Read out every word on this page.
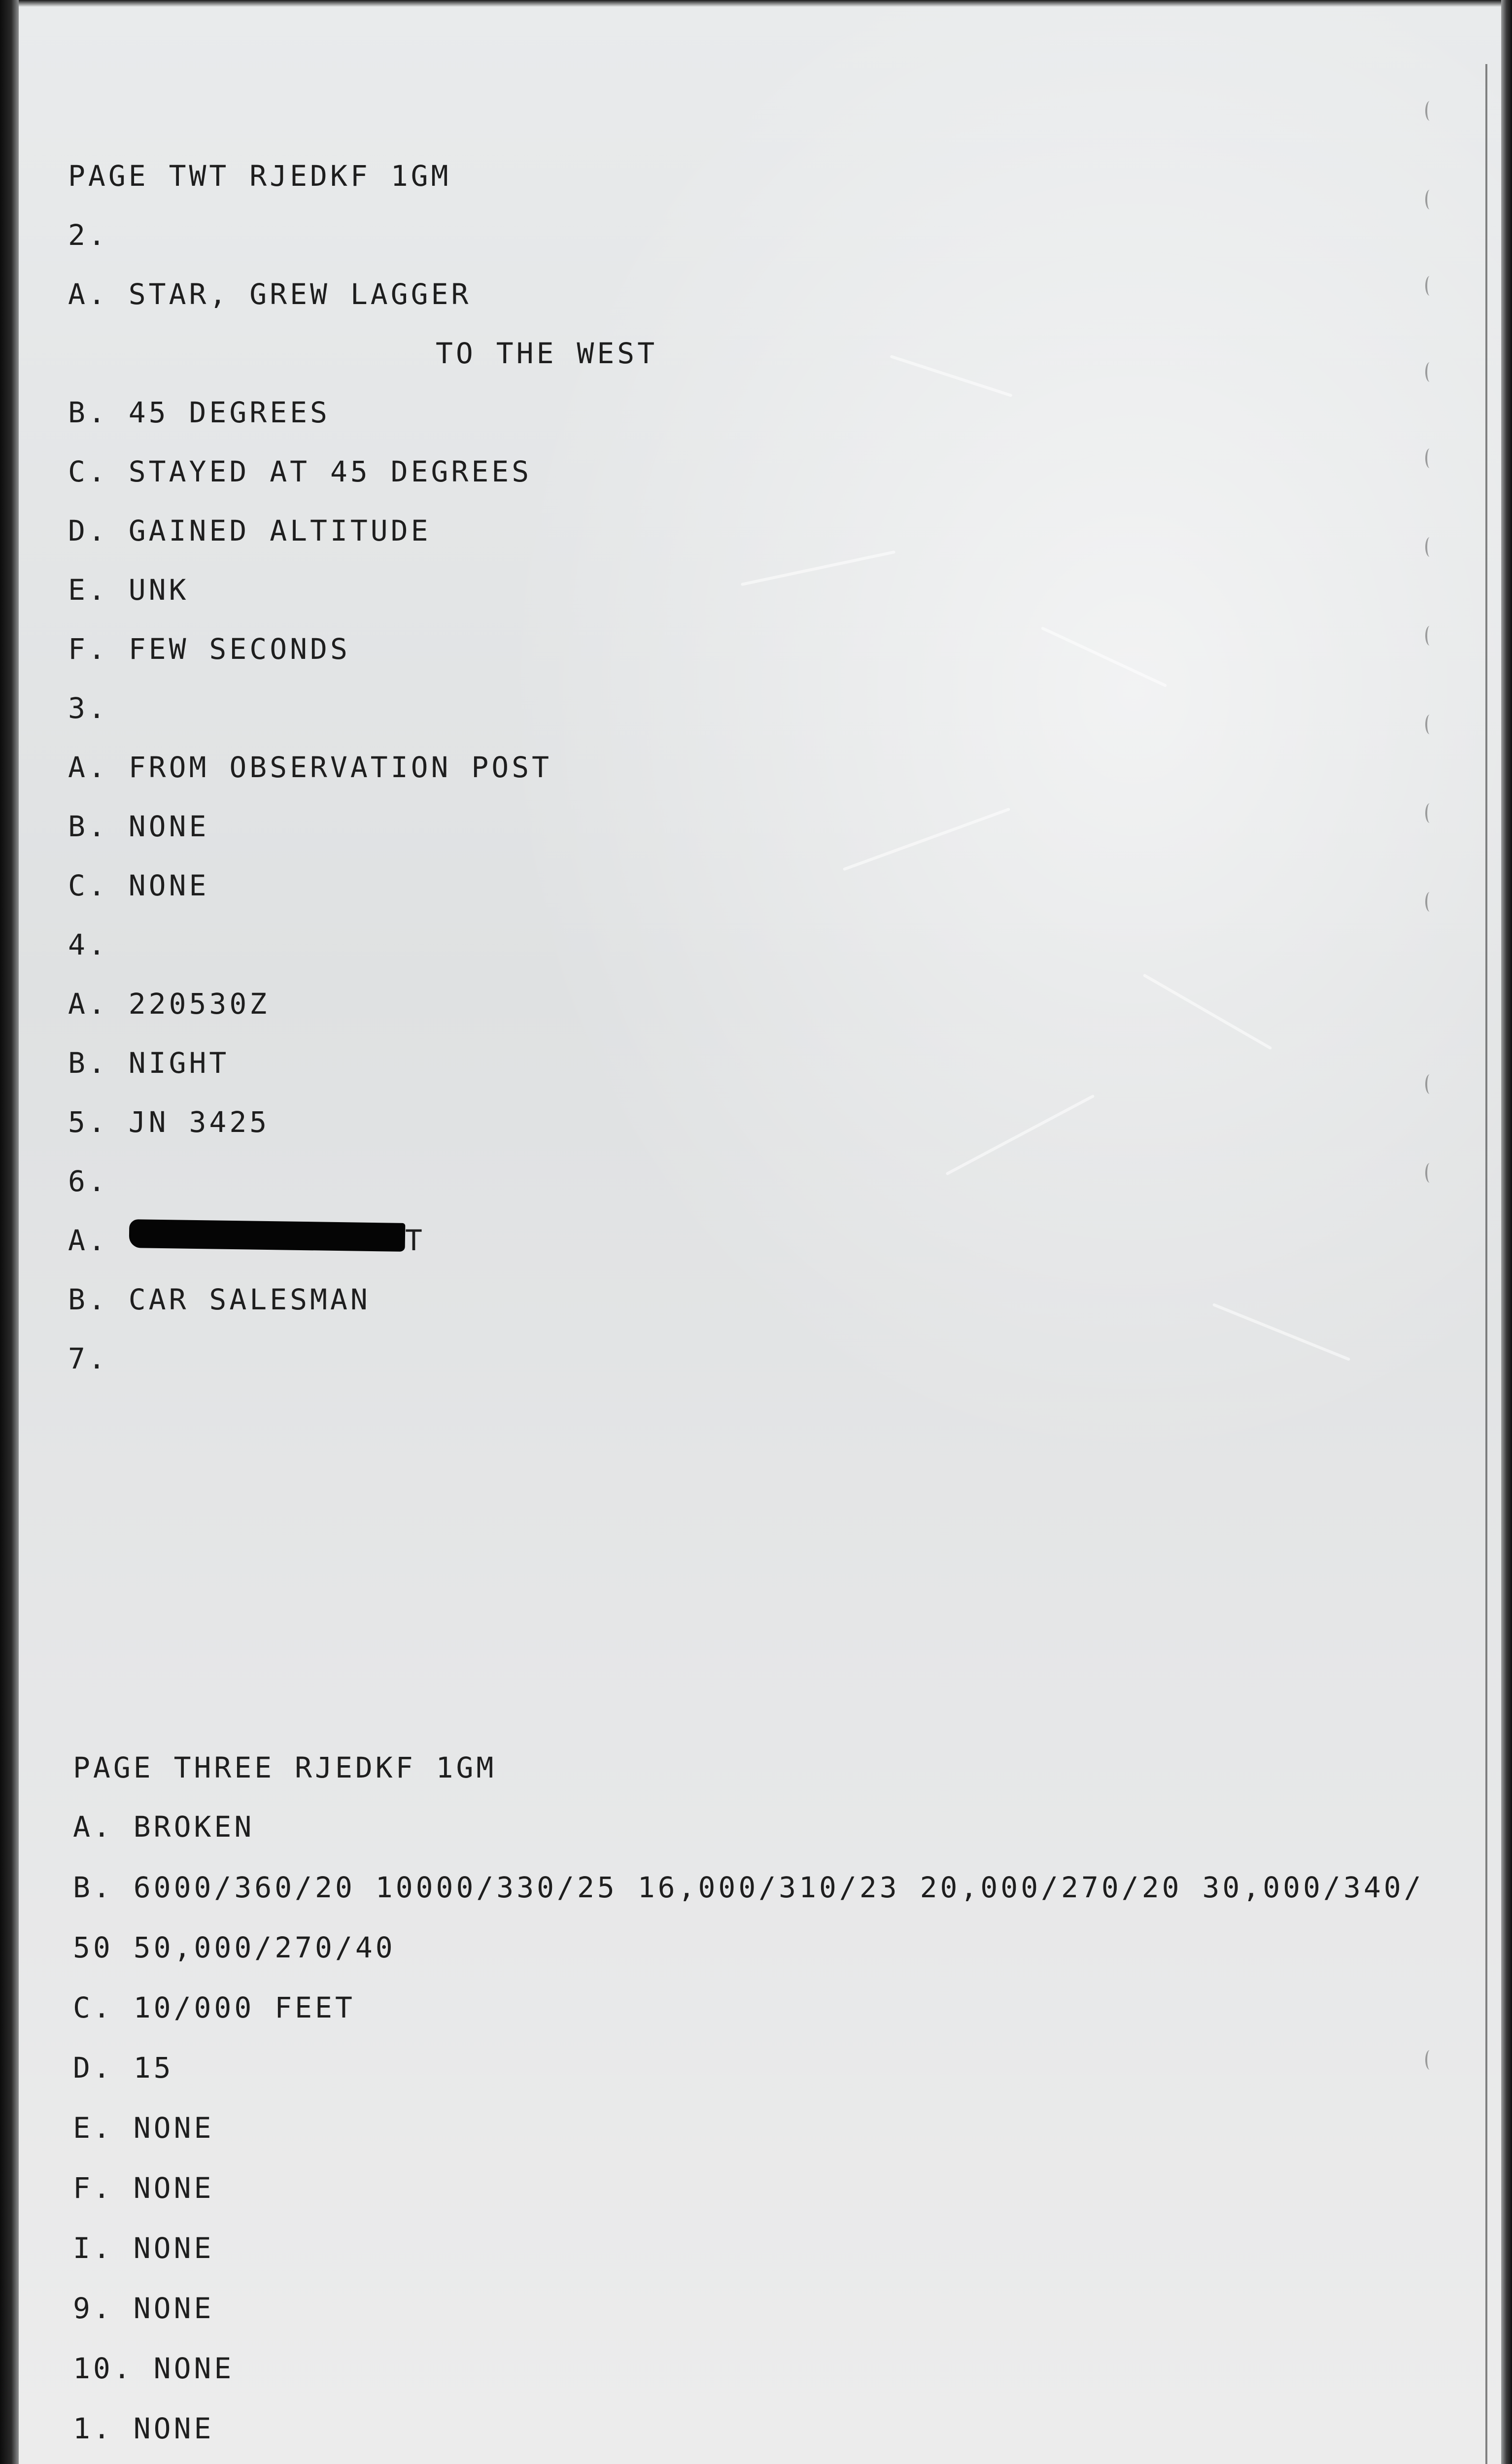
PAGE TWT RJEDKF 1GM
2.
A. STAR, GREW LAGGER
TO THE WEST
B. 45 DEGREES
C. STAYED AT 45 DEGREES
D. GAINED ALTITUDE
E. UNK
F. FEW SECONDS
3.
A. FROM OBSERVATION POST
B. NONE
C. NONE
4.
A. 220530Z
B. NIGHT
5. JN 3425
6.
A.	T
B. CAR SALESMAN
7.
PAGE THREE RJEDKF 1GM
A. BROKEN
B. 6000/360/20 10000/330/25 16,000/310/23 20,000/270/20 30,000/340/
50 50,000/270/40
C. 10/000 FEET
D. 15
E. NONE
F. NONE
I. NONE
9. NONE
10. NONE
1. NONE
